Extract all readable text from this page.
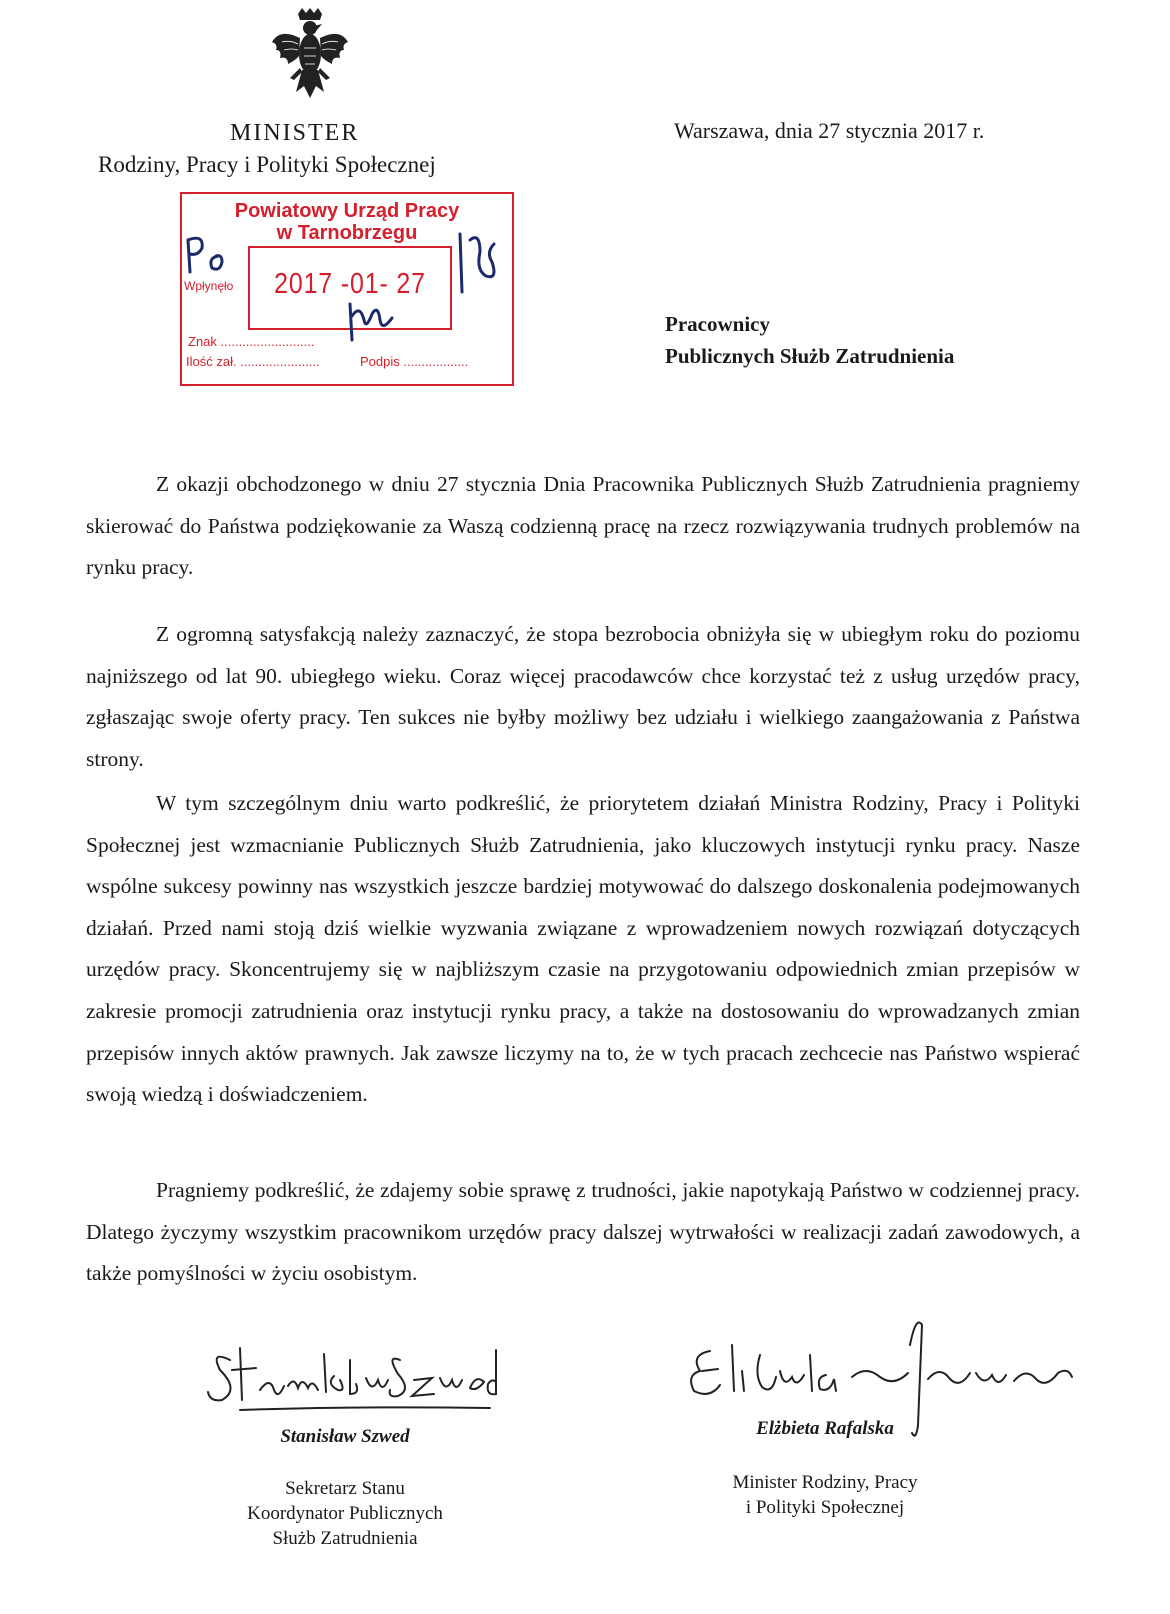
MINISTER
Rodziny, Pracy i Polityki Społecznej
Warszawa, dnia 27 stycznia 2017 r.
Powiatowy Urząd Pracy
w Tarnobrzegu
Wpłynęło	2017 -01- 27
Znak ..........................
Ilość zał. ......................	Podpis ..................
Pracownicy
Publicznych Służb Zatrudnienia
Z okazji obchodzonego w dniu 27 stycznia Dnia Pracownika Publicznych Służb Zatrudnienia pragniemy skierować do Państwa podziękowanie za Waszą codzienną pracę na rzecz rozwiązywania trudnych problemów na rynku pracy.
Z ogromną satysfakcją należy zaznaczyć, że stopa bezrobocia obniżyła się w ubiegłym roku do poziomu najniższego od lat 90. ubiegłego wieku. Coraz więcej pracodawców chce korzystać też z usług urzędów pracy, zgłaszając swoje oferty pracy. Ten sukces nie byłby możliwy bez udziału i wielkiego zaangażowania z Państwa strony.
W tym szczególnym dniu warto podkreślić, że priorytetem działań Ministra Rodziny, Pracy i Polityki Społecznej jest wzmacnianie Publicznych Służb Zatrudnienia, jako kluczowych instytucji rynku pracy. Nasze wspólne sukcesy powinny nas wszystkich jeszcze bardziej motywować do dalszego doskonalenia podejmowanych działań. Przed nami stoją dziś wielkie wyzwania związane z wprowadzeniem nowych rozwiązań dotyczących urzędów pracy. Skoncentrujemy się w najbliższym czasie na przygotowaniu odpowiednich zmian przepisów w zakresie promocji zatrudnienia oraz instytucji rynku pracy, a także na dostosowaniu do wprowadzanych zmian przepisów innych aktów prawnych. Jak zawsze liczymy na to, że w tych pracach zechcecie nas Państwo wspierać swoją wiedzą i doświadczeniem.
Pragniemy podkreślić, że zdajemy sobie sprawę z trudności, jakie napotykają Państwo w codziennej pracy. Dlatego życzymy wszystkim pracownikom urzędów pracy dalszej wytrwałości w realizacji zadań zawodowych, a także pomyślności w życiu osobistym.
Stanisław Szwed	Elżbieta Rafalska
Sekretarz Stanu
Koordynator Publicznych
Służb Zatrudnienia
Minister Rodziny, Pracy
i Polityki Społecznej
